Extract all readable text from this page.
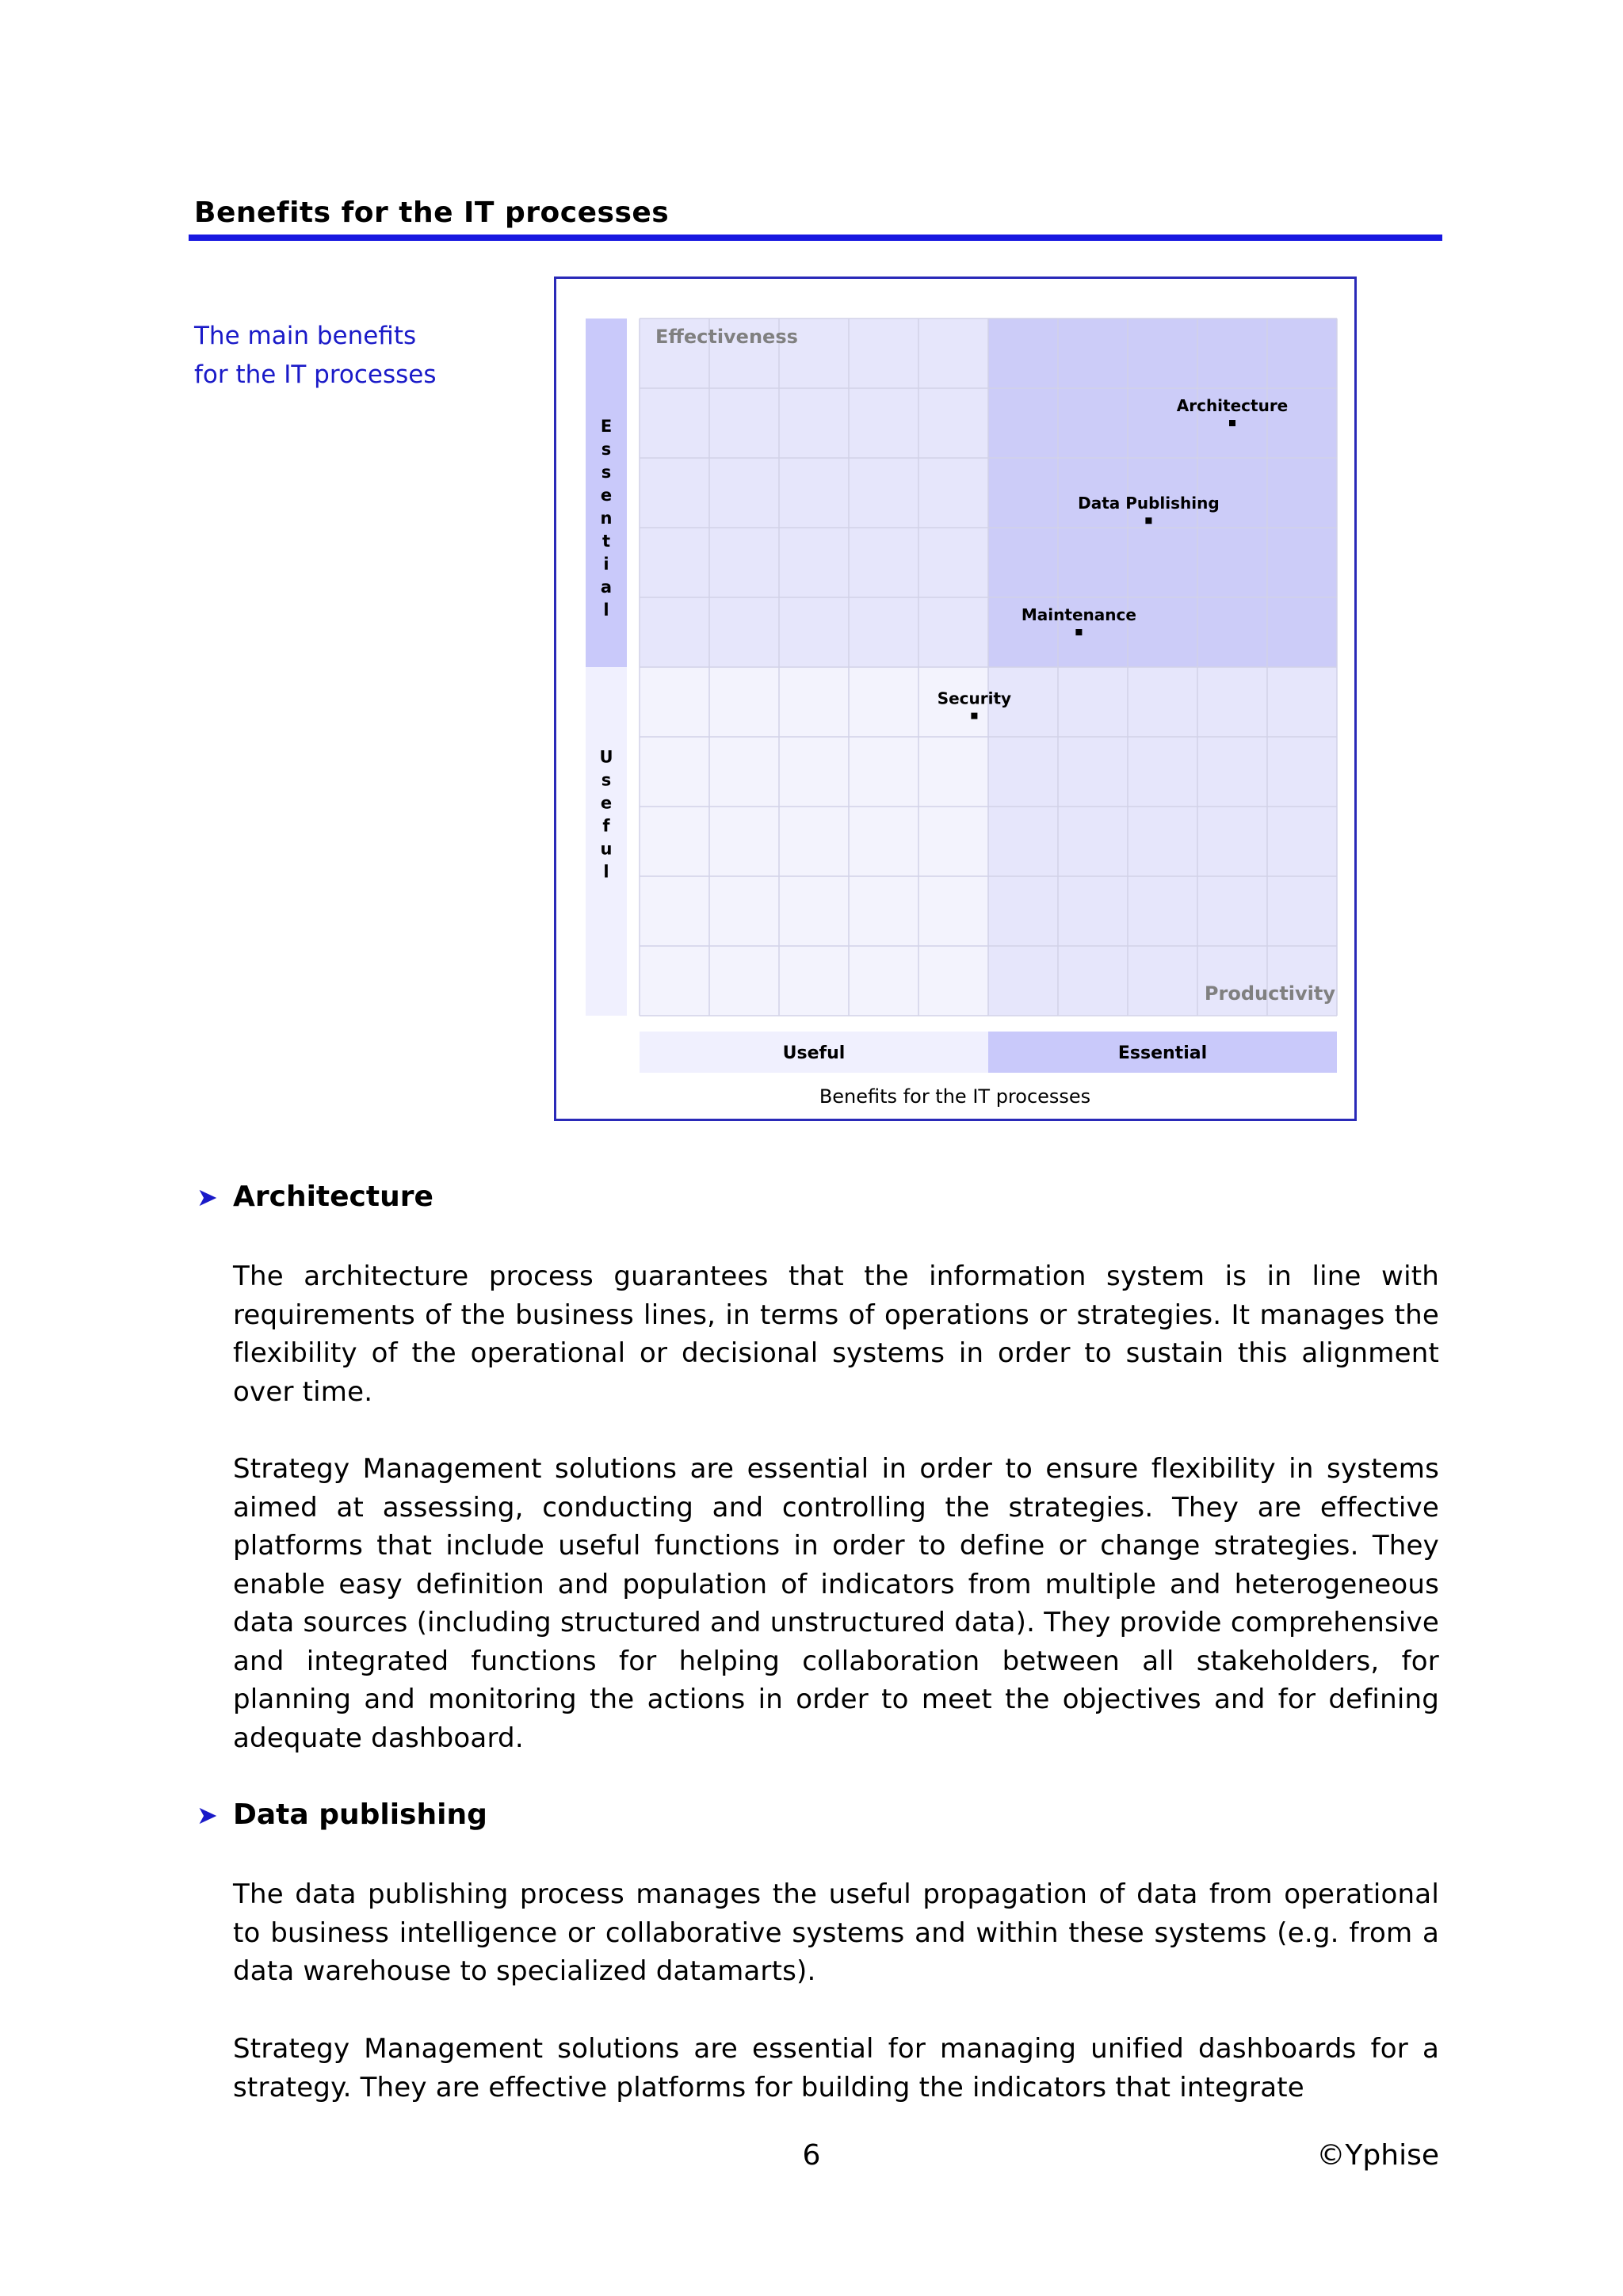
Benefits for the IT processes
The main benefits
for the IT processes
E
s
s
e
n
t
i
a
l
U
s
e
f
u
l
Useful	Essential
Effectiveness
Productivity
Architecture
Data Publishing
Maintenance
Security
Benefits for the IT processes
➤ Architecture
The architecture process guarantees that the information system is in line with requirements of the business lines, in terms of operations or strategies. It manages the flexibility of the operational or decisional systems in order to sustain this alignment over time.
Strategy Management solutions are essential in order to ensure flexibility in systems aimed at assessing, conducting and controlling the strategies. They are effective platforms that include useful functions in order to define or change strategies. They enable easy definition and population of indicators from multiple and heterogeneous data sources (including structured and unstructured data). They provide comprehensive and integrated functions for helping collaboration between all stakeholders, for planning and monitoring the actions in order to meet the objectives and for defining adequate dashboard.
➤ Data publishing
The data publishing process manages the useful propagation of data from operational to business intelligence or collaborative systems and within these systems (e.g. from a data warehouse to specialized datamarts).
Strategy Management solutions are essential for managing unified dashboards for a strategy. They are effective platforms for building the indicators that integrate
6	©Yphise
